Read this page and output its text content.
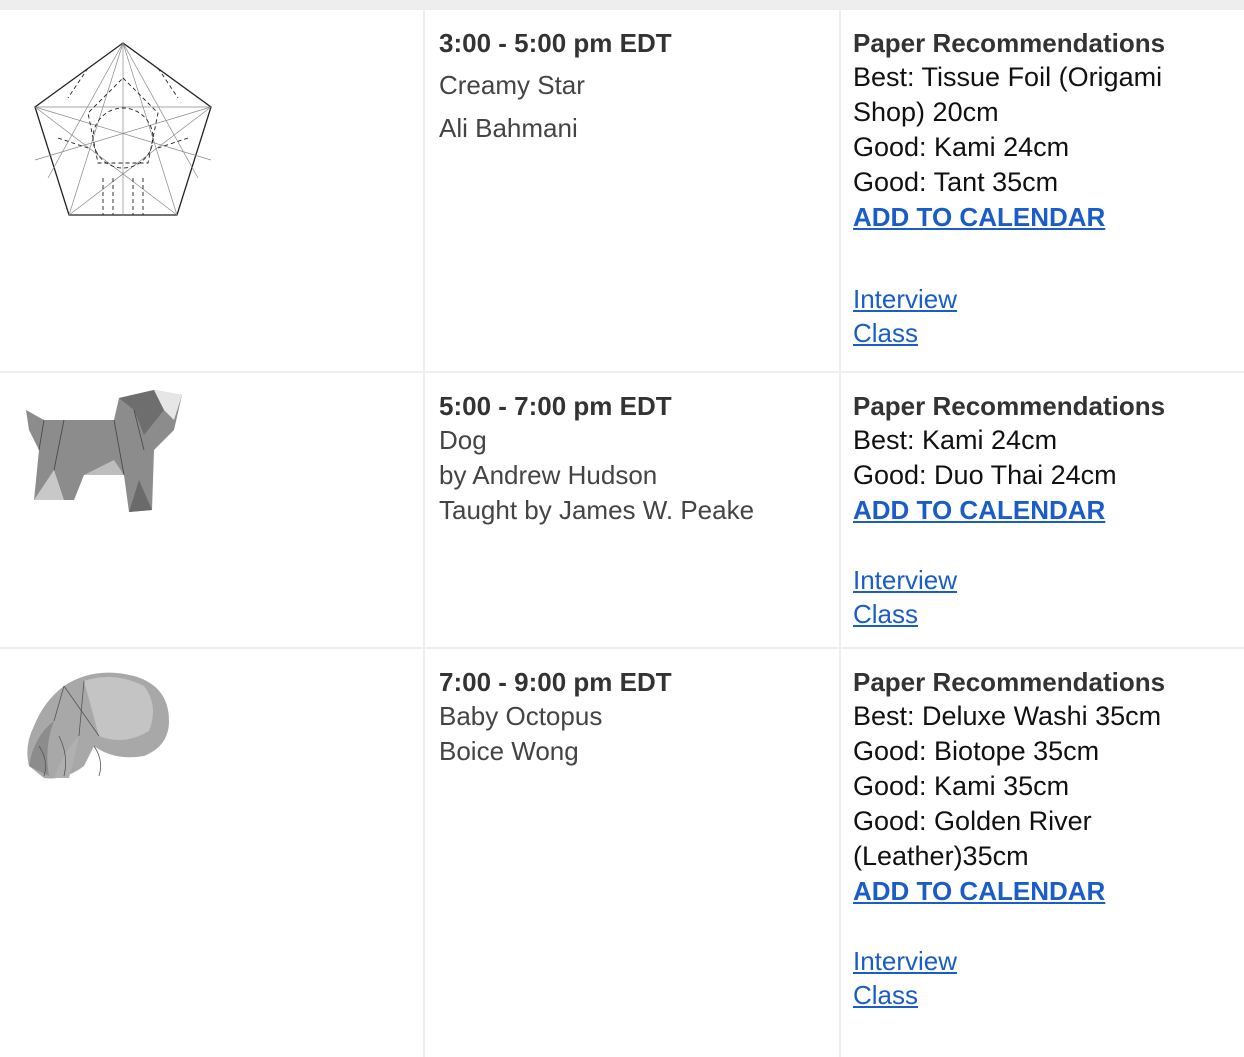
3:00 - 5:00 pm EDT
Creamy Star
Ali Bahmani
Paper Recommendations
Best: Tissue Foil (Origami
Shop) 20cm
Good: Kami 24cm
Good: Tant 35cm
ADD TO CALENDAR
Interview
Class
5:00 - 7:00 pm EDT
Dog
by Andrew Hudson
Taught by James W. Peake
Paper Recommendations
Best: Kami 24cm
Good: Duo Thai 24cm
ADD TO CALENDAR
Interview
Class
7:00 - 9:00 pm EDT
Baby Octopus
Boice Wong
Paper Recommendations
Best: Deluxe Washi 35cm
Good: Biotope 35cm
Good: Kami 35cm
Good: Golden River
(Leather)35cm
ADD TO CALENDAR
Interview
Class
